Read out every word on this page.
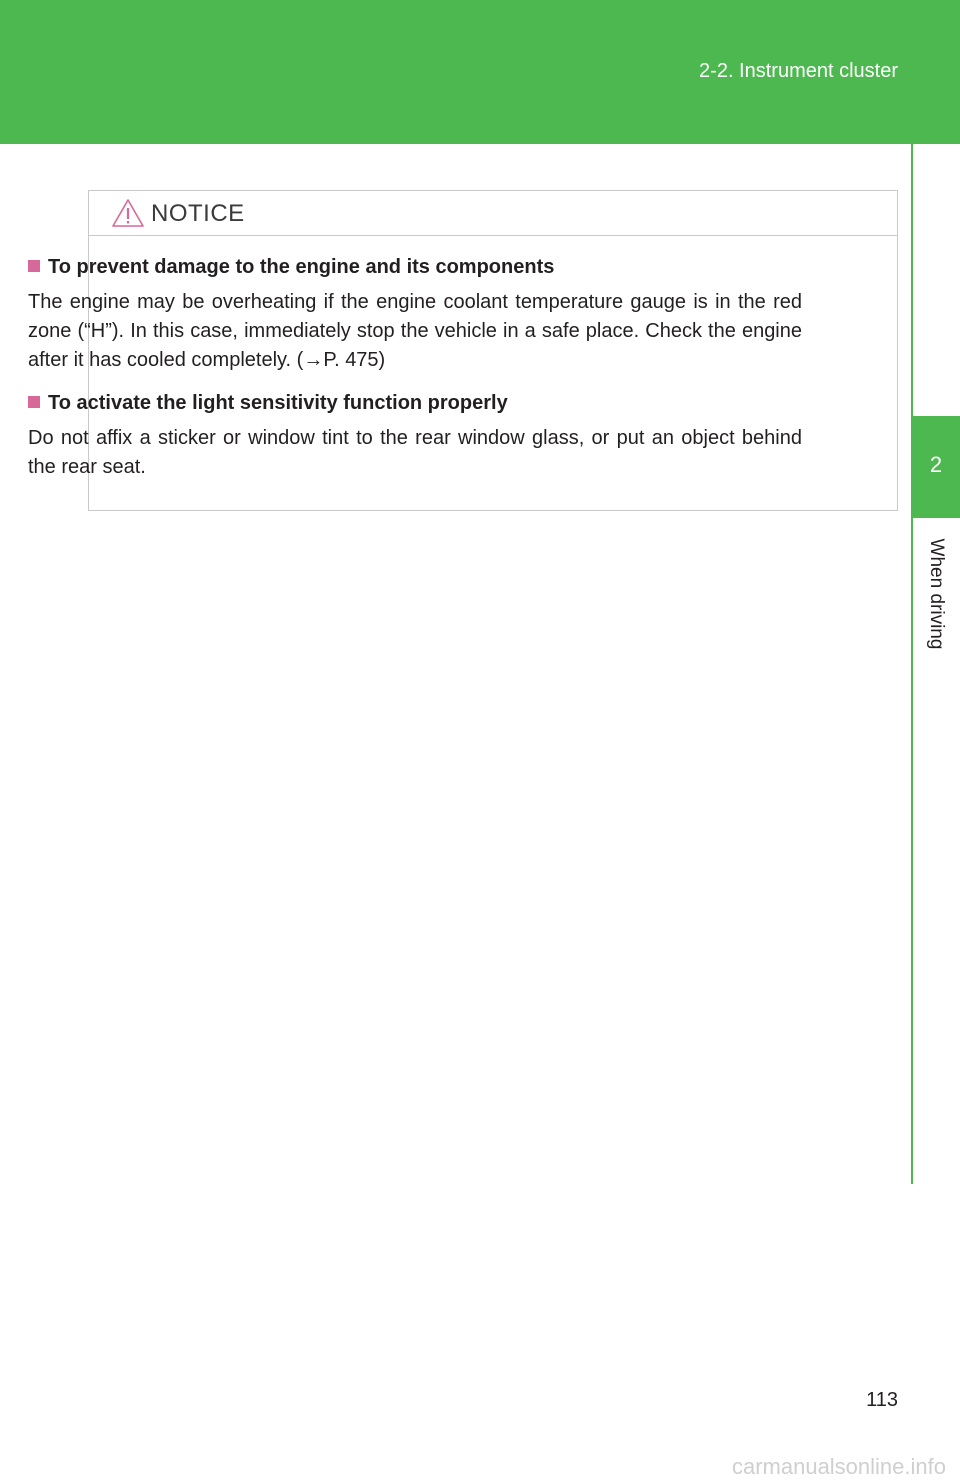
2-2. Instrument cluster
2
When driving
NOTICE
To prevent damage to the engine and its components
The engine may be overheating if the engine coolant temperature gauge is in the red zone (“H”). In this case, immediately stop the vehicle in a safe place. Check the engine after it has cooled completely. (→P. 475)
To activate the light sensitivity function properly
Do not affix a sticker or window tint to the rear window glass, or put an object behind the rear seat.
113
carmanualsonline.info
